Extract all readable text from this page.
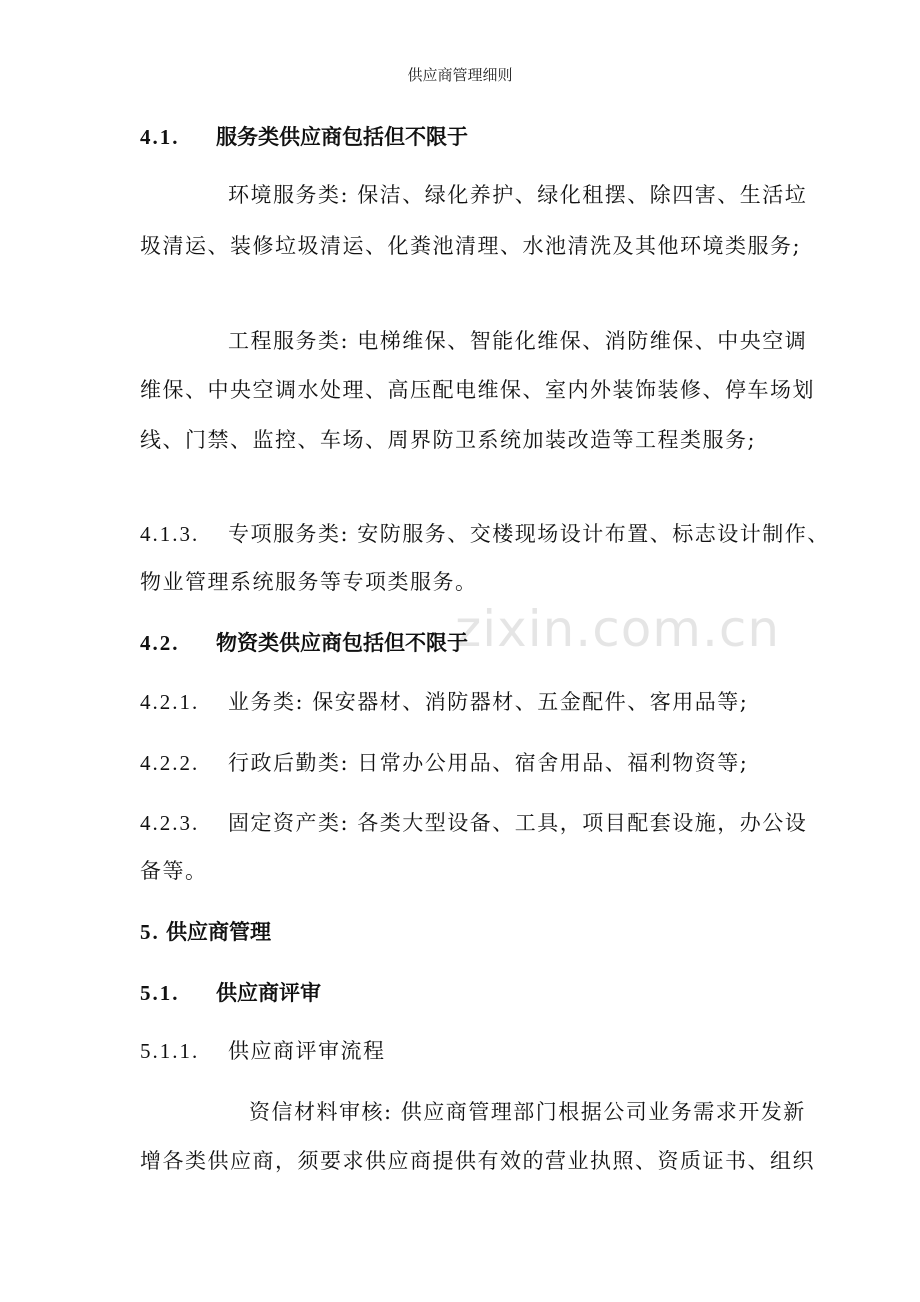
供应商管理细则
zixin.com.cn
4.1. 服务类供应商包括但不限于
环境服务类: 保洁、绿化养护、绿化租摆、除四害、生活垃
圾清运、装修垃圾清运、化粪池清理、水池清洗及其他环境类服务;
工程服务类: 电梯维保、智能化维保、消防维保、中央空调
维保、中央空调水处理、高压配电维保、室内外装饰装修、停车场划
线、门禁、监控、车场、周界防卫系统加装改造等工程类服务;
4.1.3. 专项服务类: 安防服务、交楼现场设计布置、标志设计制作、
物业管理系统服务等专项类服务。
4.2. 物资类供应商包括但不限于
4.2.1. 业务类: 保安器材、消防器材、五金配件、客用品等;
4.2.2. 行政后勤类: 日常办公用品、宿舍用品、福利物资等;
4.2.3. 固定资产类: 各类大型设备、工具，项目配套设施，办公设
备等。
5. 供应商管理
5.1. 供应商评审
5.1.1. 供应商评审流程
资信材料审核: 供应商管理部门根据公司业务需求开发新
增各类供应商，须要求供应商提供有效的营业执照、资质证书、组织
